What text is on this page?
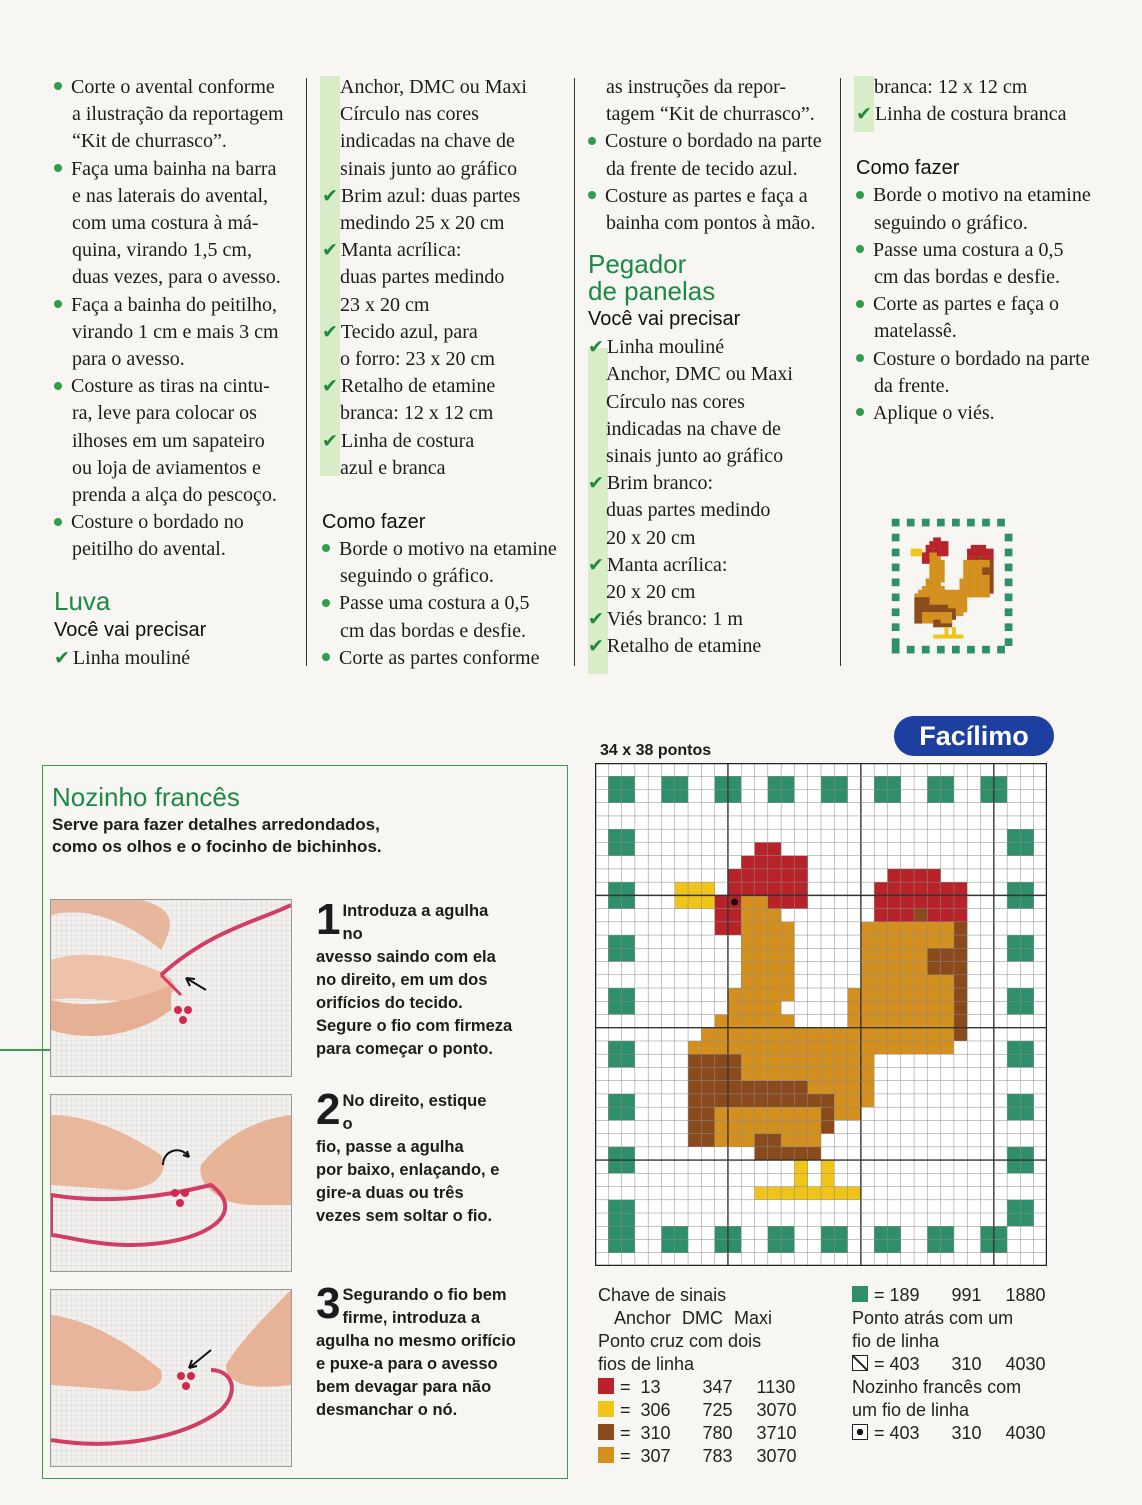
Corte o avental conforme
a ilustração da reportagem
“Kit de churrasco”.
Faça uma bainha na barra
e nas laterais do avental,
com uma costura à má-
quina, virando 1,5 cm,
duas vezes, para o avesso.
Faça a bainha do peitilho,
virando 1 cm e mais 3 cm
para o avesso.
Costure as tiras na cintu-
ra, leve para colocar os
ilhoses em um sapateiro
ou loja de aviamentos e
prenda a alça do pescoço.
Costure o bordado no
peitilho do avental.
Luva
Você vai precisar
✔ Linha mouliné
Anchor, DMC ou Maxi
Círculo nas cores
indicadas na chave de
sinais junto ao gráfico
✔ Brim azul: duas partes
medindo 25 x 20 cm
✔ Manta acrílica:
duas partes medindo
23 x 20 cm
✔ Tecido azul, para
o forro: 23 x 20 cm
✔ Retalho de etamine
branca: 12 x 12 cm
✔ Linha de costura
azul e branca
Como fazer
Borde o motivo na etamine
seguindo o gráfico.
Passe uma costura a 0,5
cm das bordas e desfie.
Corte as partes conforme
as instruções da repor-
tagem “Kit de churrasco”.
Costure o bordado na parte
da frente de tecido azul.
Costure as partes e faça a
bainha com pontos à mão.
Pegador
de panelas
Você vai precisar
✔ Linha mouliné
Anchor, DMC ou Maxi
Círculo nas cores
indicadas na chave de
sinais junto ao gráfico
✔ Brim branco:
duas partes medindo
20 x 20 cm
✔ Manta acrílica:
20 x 20 cm
✔ Viés branco: 1 m
✔ Retalho de etamine
branca: 12 x 12 cm
✔ Linha de costura branca
Como fazer
Borde o motivo na etamine
seguindo o gráfico.
Passe uma costura a 0,5
cm das bordas e desfie.
Corte as partes e faça o
matelassê.
Costure o bordado na parte
da frente.
Aplique o viés.
Nozinho francês
Serve para fazer detalhes arredondados,
como os olhos e o focinho de bichinhos.
1 Introduza a agulha no
avesso saindo com ela
no direito, em um dos
orifícios do tecido.
Segure o fio com firmeza
para começar o ponto.
2 No direito, estique o
fio, passe a agulha
por baixo, enlaçando, e
gire-a duas ou três
vezes sem soltar o fio.
3 Segurando o fio bem
firme, introduza a
agulha no mesmo orifício
e puxe-a para o avesso
bem devagar para não
desmanchar o nó.
Facílimo
34 x 38 pontos
Chave de sinais
Anchor DMC Maxi
Ponto cruz com dois
fios de linha
=  13 347 1130
=  306 725 3070
=  310 780 3710
=  307 783 3070
= 189 991 1880
Ponto atrás com um
fio de linha
= 403 310 4030
Nozinho francês com
um fio de linha
= 403 310 4030
